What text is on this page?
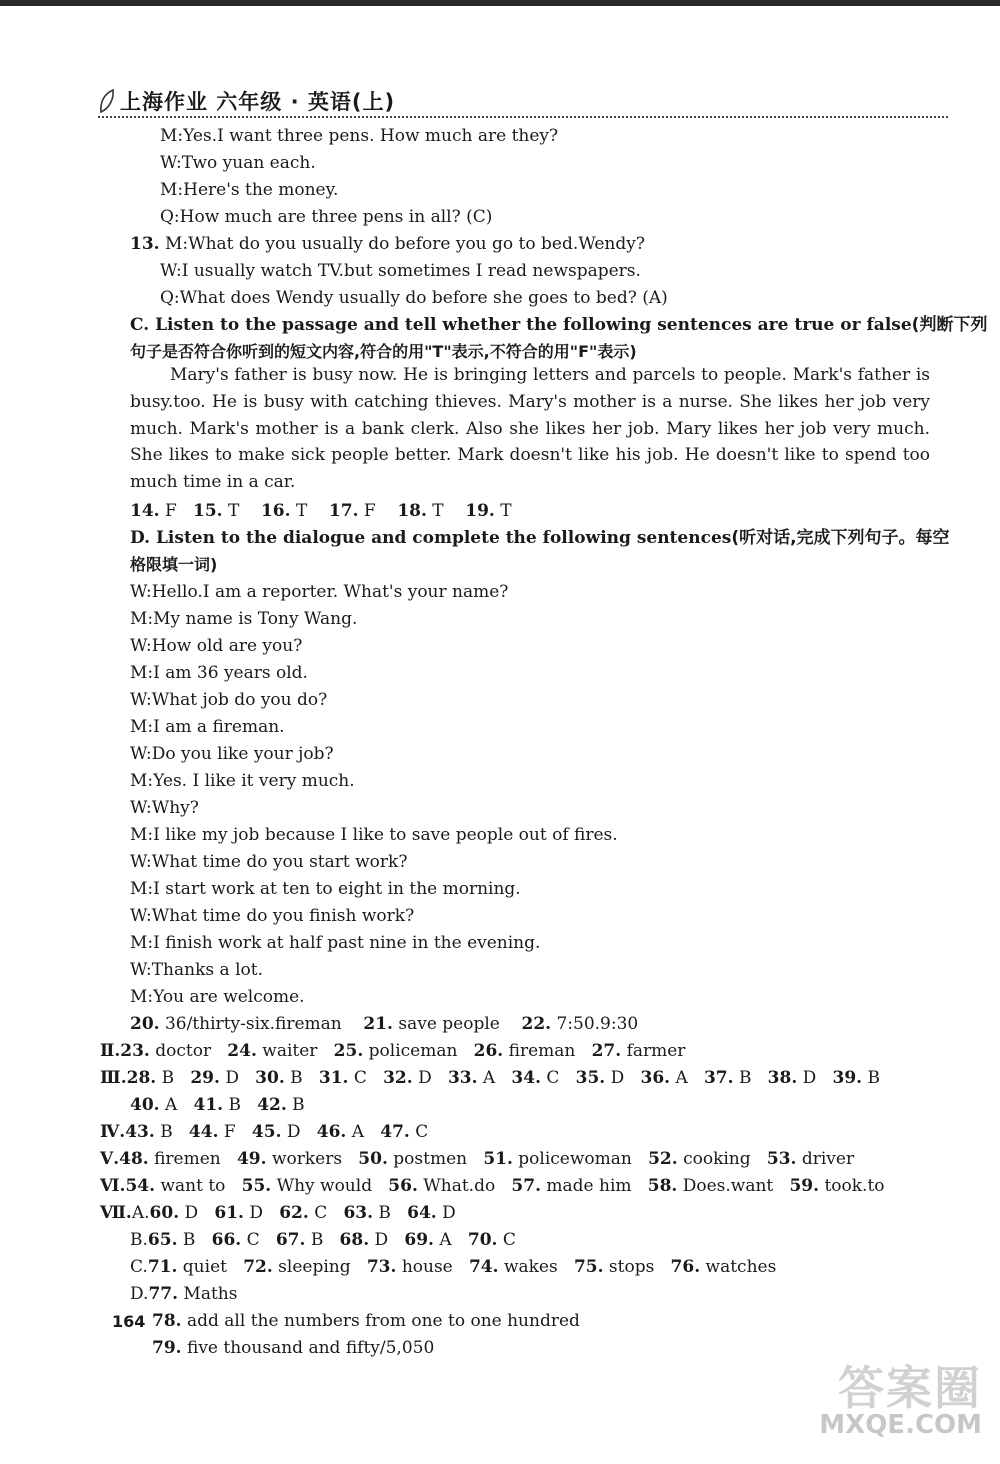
上海作业 六年级 · 英语(上)
M:Yes.I want three pens. How much are they?
W:Two yuan each.
M:Here's the money.
Q:How much are three pens in all? (C)
13. M:What do you usually do before you go to bed.Wendy?
W:I usually watch TV.but sometimes I read newspapers.
Q:What does Wendy usually do before she goes to bed? (A)
C. Listen to the passage and tell whether the following sentences are true or false(判断下列
句子是否符合你听到的短文内容,符合的用"T"表示,不符合的用"F"表示)
Mary's father is busy now. He is bringing letters and parcels to people. Mark's father is busy.too. He is busy with catching thieves. Mary's mother is a nurse. She likes her job very much. Mark's mother is a bank clerk. Also she likes her job. Mary likes her job very much. She likes to make sick people better. Mark doesn't like his job. He doesn't like to spend too much time in a car.
14. F 15. T 16. T 17. F 18. T 19. T
D. Listen to the dialogue and complete the following sentences(听对话,完成下列句子。每空
格限填一词)
W:Hello.I am a reporter. What's your name?
M:My name is Tony Wang.
W:How old are you?
M:I am 36 years old.
W:What job do you do?
M:I am a fireman.
W:Do you like your job?
M:Yes. I like it very much.
W:Why?
M:I like my job because I like to save people out of fires.
W:What time do you start work?
M:I start work at ten to eight in the morning.
W:What time do you finish work?
M:I finish work at half past nine in the evening.
W:Thanks a lot.
M:You are welcome.
20. 36/thirty-six.fireman 21. save people 22. 7:50.9:30
Ⅱ.23. doctor 24. waiter 25. policeman 26. fireman 27. farmer
Ⅲ.28. B 29. D 30. B 31. C 32. D 33. A 34. C 35. D 36. A 37. B 38. D 39. B
40. A 41. B 42. B
Ⅳ.43. B 44. F 45. D 46. A 47. C
Ⅴ.48. firemen 49. workers 50. postmen 51. policewoman 52. cooking 53. driver
Ⅵ.54. want to 55. Why would 56. What.do 57. made him 58. Does.want 59. took.to
Ⅶ.A.60. D 61. D 62. C 63. B 64. D
B.65. B 66. C 67. B 68. D 69. A 70. C
C.71. quiet 72. sleeping 73. house 74. wakes 75. stops 76. watches
D.77. Maths
78. add all the numbers from one to one hundred
79. five thousand and fifty/5,050
164
答案圈
MXQE.COM
